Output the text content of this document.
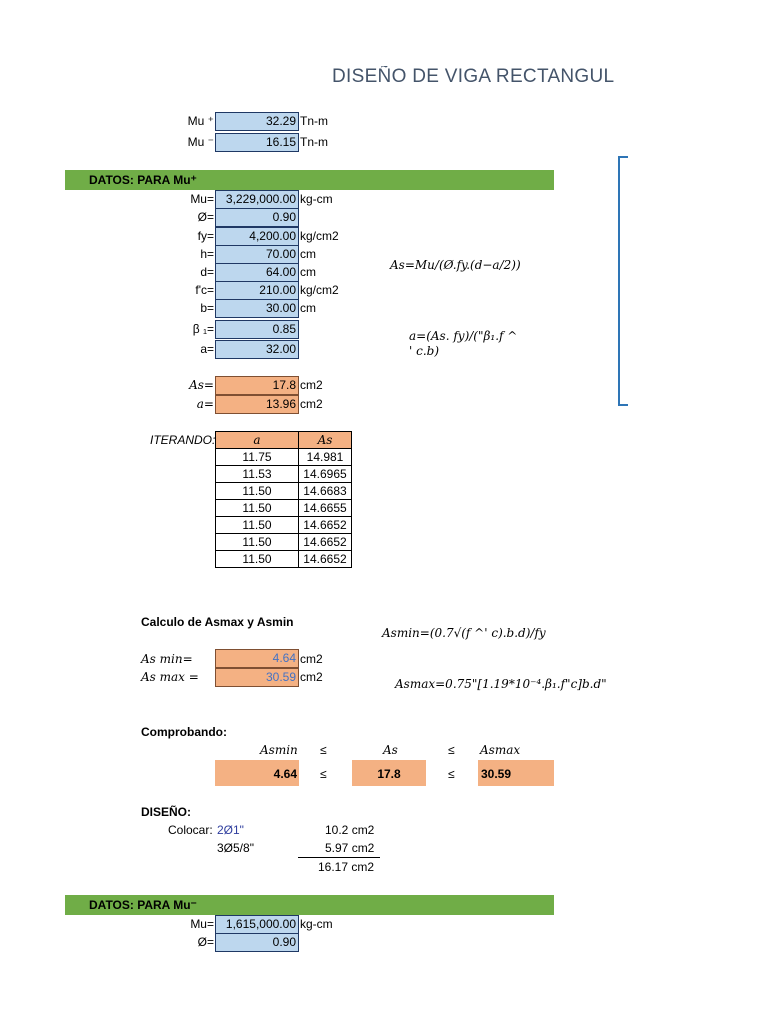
DISEÑO DE VIGA RECTANGUL
Mu ⁺	32.29 Tn-m
Mu ⁻	16.15 Tn-m
DATOS: PARA Mu⁺
Mu= 3,229,000.00 kg-cm
Ø=	0.90
fy=	4,200.00 kg/cm2
h=	70.00 cm
d=	64.00 cm
f'c=	210.00 kg/cm2
b=	30.00 cm
β ₁=	0.85
a=	32.00
As=Mu/(Ø.fy.(d−a/2))
a=(As. fy)/("β₁.f ^
' c.b)
As=	17.8 cm2
a=	13.96 cm2
ITERANDO:	a	As
11.75	14.981
11.53	14.6965
11.50	14.6683
11.50	14.6655
11.50	14.6652
11.50	14.6652
11.50	14.6652
Calculo de Asmax y Asmin
Asmin=(0.7√(f ^' c).b.d)/fy
As min=	4.64 cm2
As max =	30.59 cm2	Asmax=0.75"[1.19*10⁻⁴.β₁.f"c]b.d"
Comprobando:
Asmin ≤	As	≤ Asmax
4.64 ≤	17.8	≤ 30.59
DISEÑO:
Colocar: 2Ø1"	10.2 cm2
3Ø5/8"	5.97 cm2
16.17 cm2
DATOS: PARA Mu⁻
Mu= 1,615,000.00 kg-cm
Ø=	0.90
